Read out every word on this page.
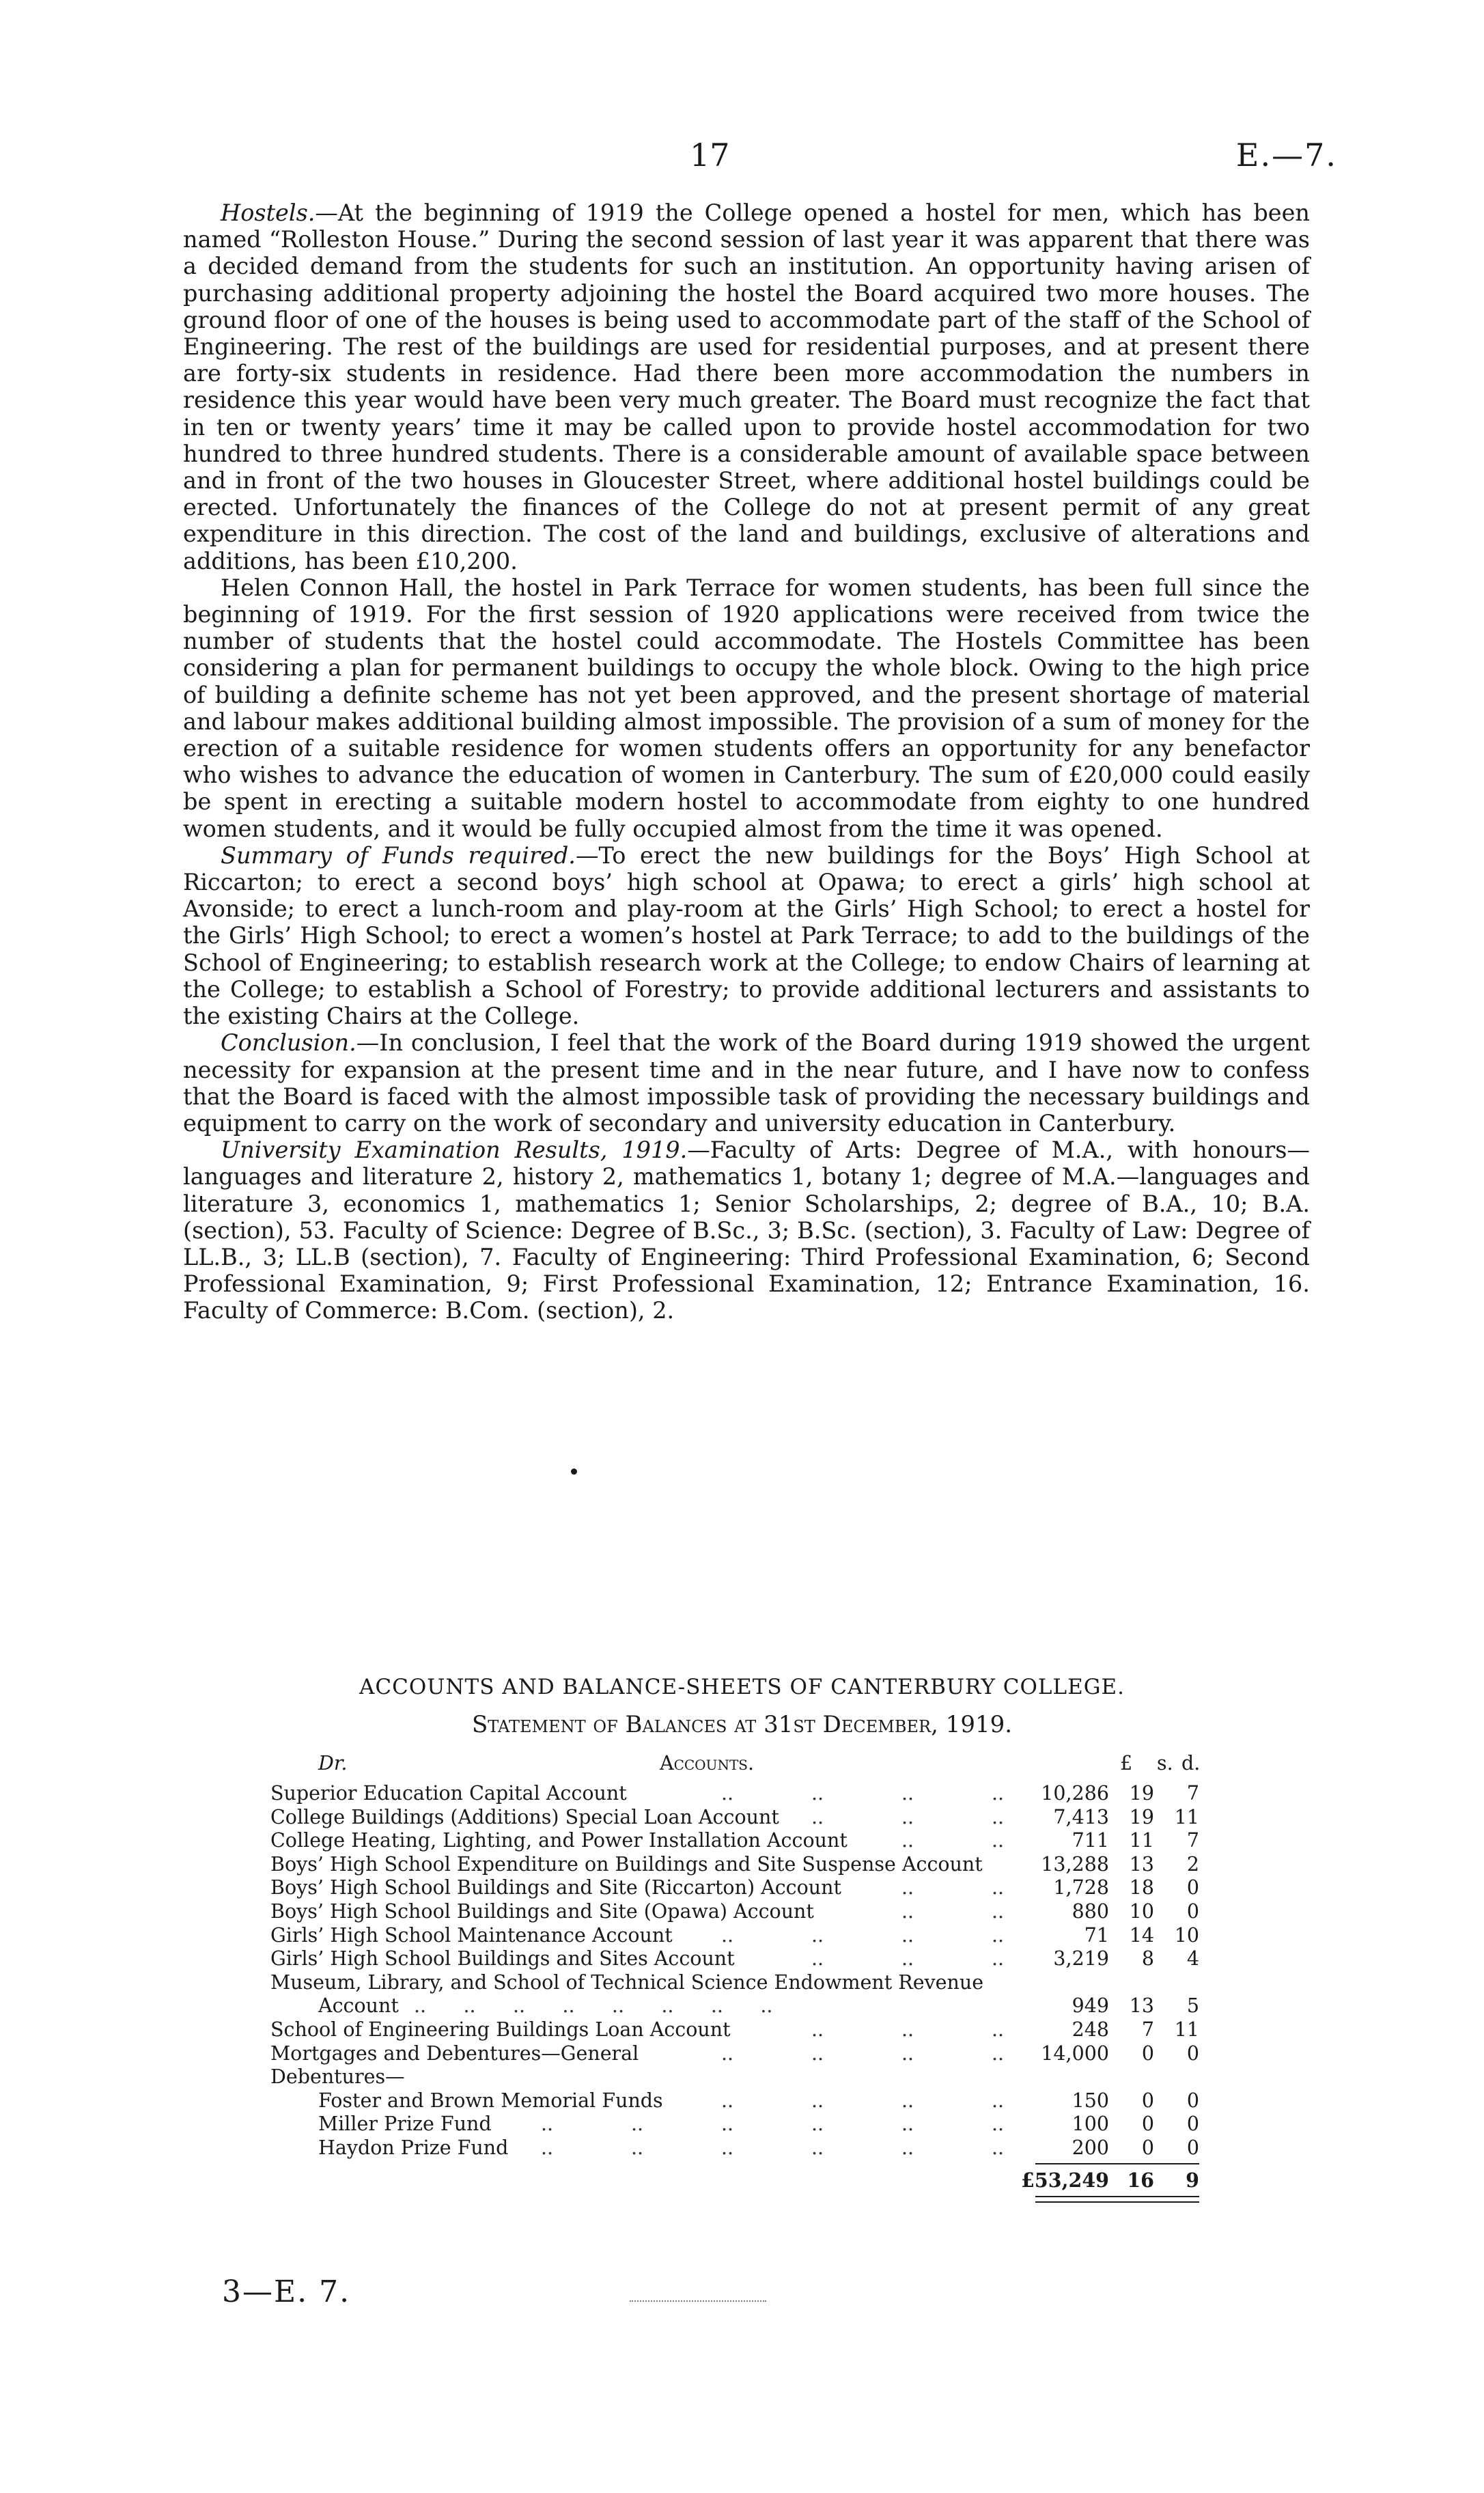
17	E.—7.

Hostels.—At the beginning of 1919 the College opened a hostel for men, which has been named “Rolleston House.” During the second session of last year it was apparent that there was a decided demand from the students for such an institution. An opportunity having arisen of purchasing additional property adjoining the hostel the Board acquired two more houses. The ground floor of one of the houses is being used to accommodate part of the staff of the School of Engineering. The rest of the buildings are used for residential purposes, and at present there are forty-six students in residence. Had there been more accommodation the numbers in residence this year would have been very much greater. The Board must recognize the fact that in ten or twenty years’ time it may be called upon to provide hostel accommodation for two hundred to three hundred students. There is a considerable amount of available space between and in front of the two houses in Gloucester Street, where additional hostel buildings could be erected. Unfortunately the finances of the College do not at present permit of any great expenditure in this direction. The cost of the land and buildings, exclusive of alterations and additions, has been £10,200.

Helen Connon Hall, the hostel in Park Terrace for women students, has been full since the beginning of 1919. For the first session of 1920 applications were received from twice the number of students that the hostel could accommodate. The Hostels Committee has been considering a plan for permanent buildings to occupy the whole block. Owing to the high price of building a definite scheme has not yet been approved, and the present shortage of material and labour makes additional building almost impossible. The provision of a sum of money for the erection of a suitable residence for women students offers an opportunity for any benefactor who wishes to advance the education of women in Canterbury. The sum of £20,000 could easily be spent in erecting a suitable modern hostel to accommodate from eighty to one hundred women students, and it would be fully occupied almost from the time it was opened.

Summary of Funds required.—To erect the new buildings for the Boys’ High School at Riccarton; to erect a second boys’ high school at Opawa; to erect a girls’ high school at Avonside; to erect a lunch-room and play-room at the Girls’ High School; to erect a hostel for the Girls’ High School; to erect a women’s hostel at Park Terrace; to add to the buildings of the School of Engineering; to establish research work at the College; to endow Chairs of learning at the College; to establish a School of Forestry; to provide additional lecturers and assistants to the existing Chairs at the College.

Conclusion.—In conclusion, I feel that the work of the Board during 1919 showed the urgent necessity for expansion at the present time and in the near future, and I have now to confess that the Board is faced with the almost impossible task of providing the necessary buildings and equipment to carry on the work of secondary and university education in Canterbury.

University Examination Results, 1919.—Faculty of Arts: Degree of M.A., with honours—languages and literature 2, history 2, mathematics 1, botany 1; degree of M.A.—languages and literature 3, economics 1, mathematics 1; Senior Scholarships, 2; degree of B.A., 10; B.A. (section), 53. Faculty of Science: Degree of B.Sc., 3; B.Sc. (section), 3. Faculty of Law: Degree of LL.B., 3; LL.B (section), 7. Faculty of Engineering: Third Professional Examination, 6; Second Professional Examination, 9; First Professional Examination, 12; Entrance Examination, 16. Faculty of Commerce: B.Com. (section), 2.

ACCOUNTS AND BALANCE-SHEETS OF CANTERBURY COLLEGE.
Statement of Balances at 31st December, 1919.
Dr.	Accounts.	£ s. d.
Superior Education Capital Account	..	..	..	.. 10,286 19 7
College Buildings (Additions) Special Loan Account ..	..	..	7,413 19 11
College Heating, Lighting, and Power Installation Account	..	..	711 11 7
Boys’ High School Expenditure on Buildings and Site Suspense Account	13,288 13 2
Boys’ High School Buildings and Site (Riccarton) Account	..	..	1,728 18 0
Boys’ High School Buildings and Site (Opawa) Account	..	..	880 10 0
Girls’ High School Maintenance Account	..	..	..	..	71 14 10
Girls’ High School Buildings and Sites Account	..	..	..	3,219 8 4
Museum, Library, and School of Technical Science Endowment Revenue
Account ..      ..      ..      ..      ..      ..      ..      ..	949 13 5
School of Engineering Buildings Loan Account	..	..	..	248 7 11
Mortgages and Debentures—General	..	..	..	.. 14,000 0 0
Debentures—
Foster and Brown Memorial Funds	..	..	..	..	150 0 0
Miller Prize Fund	..	..	..	..	..	..	100 0 0
Haydon Prize Fund ..	..	..	..	..	..	200 0 0
£53,249 16 9
3—E. 7.
